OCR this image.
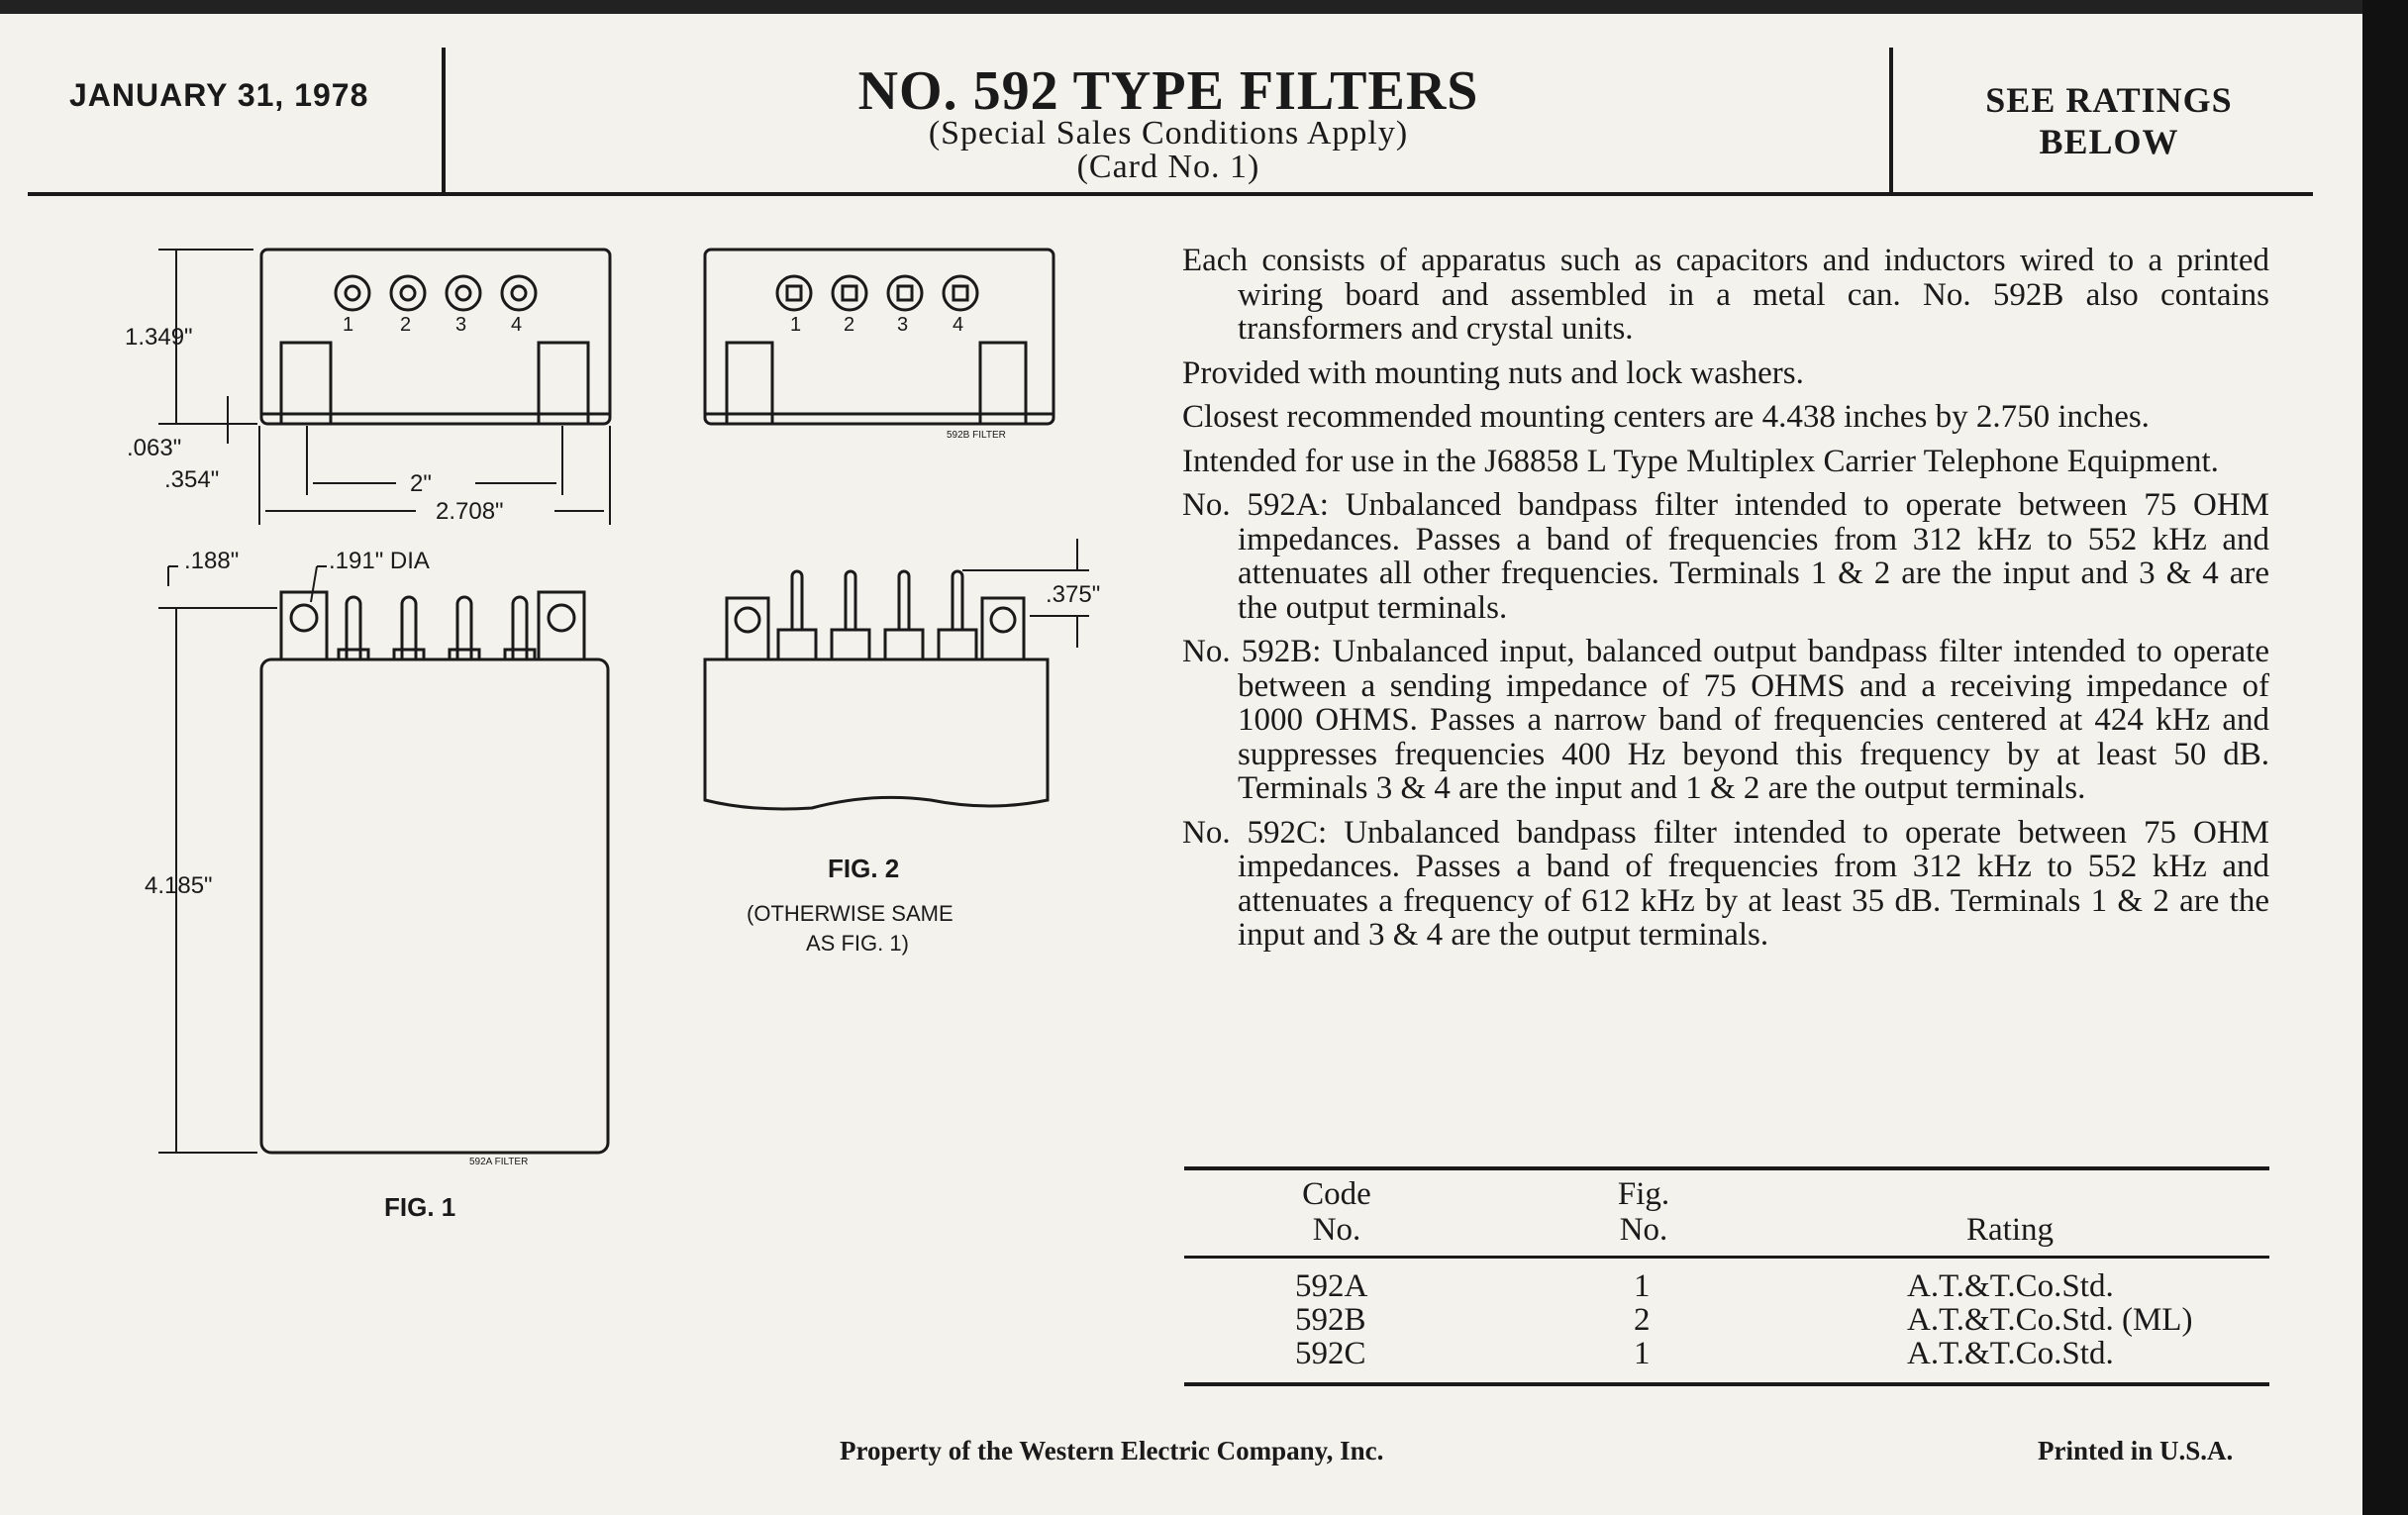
JANUARY 31, 1978	NO. 592 TYPE FILTERS
(Special Sales Conditions Apply)
(Card No. 1)
SEE RATINGS
BELOW
1 2 3 4	1 2 3 4
1.349"
.063"
.354"	2"
2.708"
.188"	.191" DIA
4.185"
592A FILTER
FIG. 1
592B FILTER
.375"
FIG. 2
(OTHERWISE SAME
AS FIG. 1)

Each consists of apparatus such as capacitors and inductors wired to a printed wiring board and assembled in a metal can. No. 592B also contains transformers and crystal units.

Provided with mounting nuts and lock washers.

Closest recommended mounting centers are 4.438 inches by 2.750 inches.

Intended for use in the J68858 L Type Multiplex Carrier Telephone Equipment.

No. 592A: Unbalanced bandpass filter intended to operate between 75 OHM impedances. Passes a band of frequencies from 312 kHz to 552 kHz and attenuates all other frequencies. Terminals 1 & 2 are the input and 3 & 4 are the output terminals.

No. 592B: Unbalanced input, balanced output bandpass filter intended to operate between a sending impedance of 75 OHMS and a receiving impedance of 1000 OHMS. Passes a narrow band of frequencies centered at 424 kHz and suppresses frequencies 400 Hz beyond this frequency by at least 50 dB. Terminals 3 & 4 are the input and 1 & 2 are the output terminals.

No. 592C: Unbalanced bandpass filter intended to operate between 75 OHM impedances. Passes a band of frequencies from 312 kHz to 552 kHz and attenuates a frequency of 612 kHz by at least 35 dB. Terminals 1 & 2 are the input and 3 & 4 are the output terminals.

Code
No.
Fig.
No.	Rating
592A	1	A.T.&T.Co.Std.
592B	2	A.T.&T.Co.Std. (ML)
592C	1	A.T.&T.Co.Std.
Property of the Western Electric Company, Inc.	Printed in U.S.A.
